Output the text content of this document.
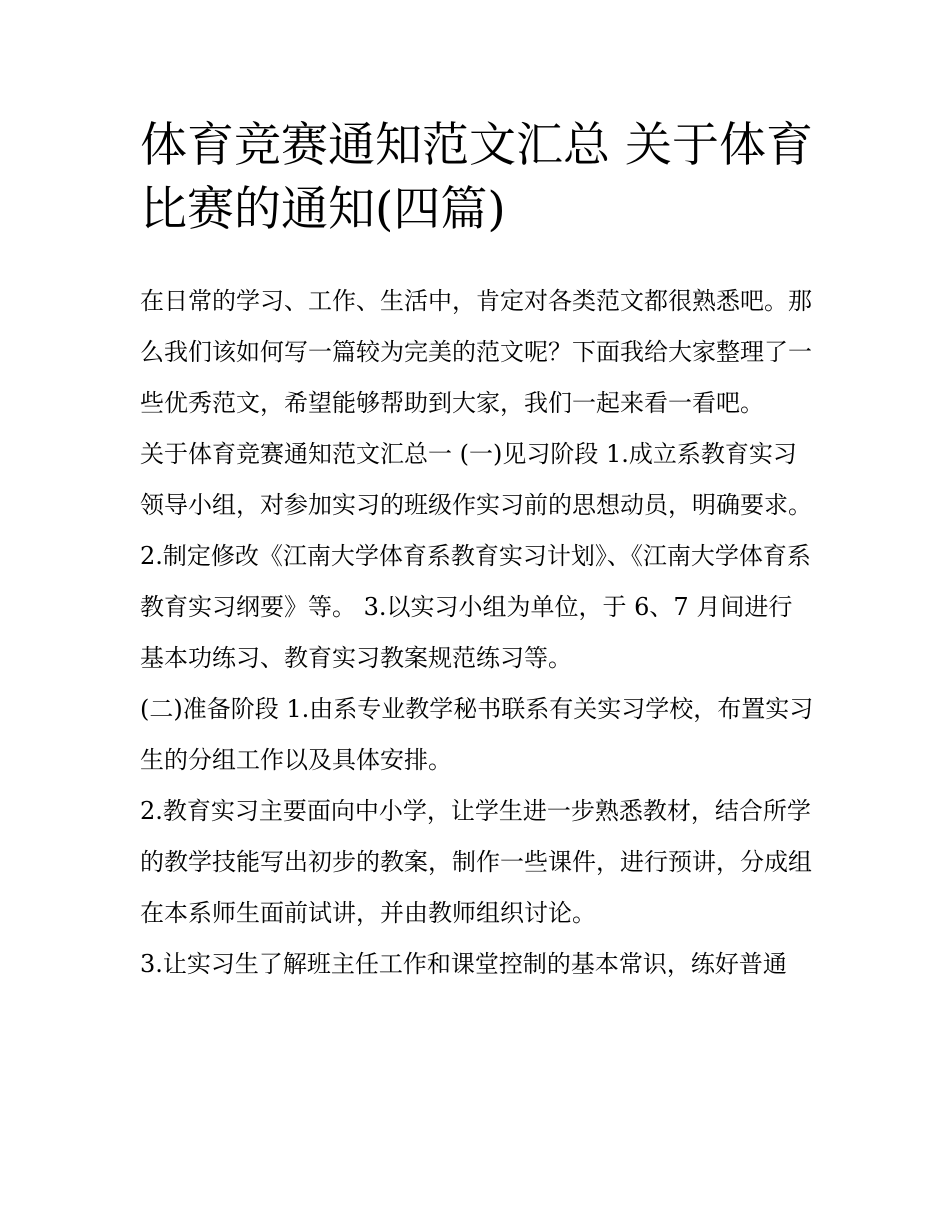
体育竞赛通知范文汇总 关于体育比赛的通知(四篇)

在日常的学习、工作、生活中，肯定对各类范文都很熟悉吧。那么我们该如何写一篇较为完美的范文呢？下面我给大家整理了一些优秀范文，希望能够帮助到大家，我们一起来看一看吧。

关于体育竞赛通知范文汇总一 (一)见习阶段 1.成立系教育实习领导小组，对参加实习的班级作实习前的思想动员，明确要求。

2.制定修改《江南大学体育系教育实习计划》、《江南大学体育系教育实习纲要》等。 3.以实习小组为单位，于 6、7 月间进行基本功练习、教育实习教案规范练习等。

(二)准备阶段 1.由系专业教学秘书联系有关实习学校，布置实习生的分组工作以及具体安排。

2.教育实习主要面向中小学，让学生进一步熟悉教材，结合所学的教学技能写出初步的教案，制作一些课件，进行预讲，分成组在本系师生面前试讲，并由教师组织讨论。

3.让实习生了解班主任工作和课堂控制的基本常识，练好普通
